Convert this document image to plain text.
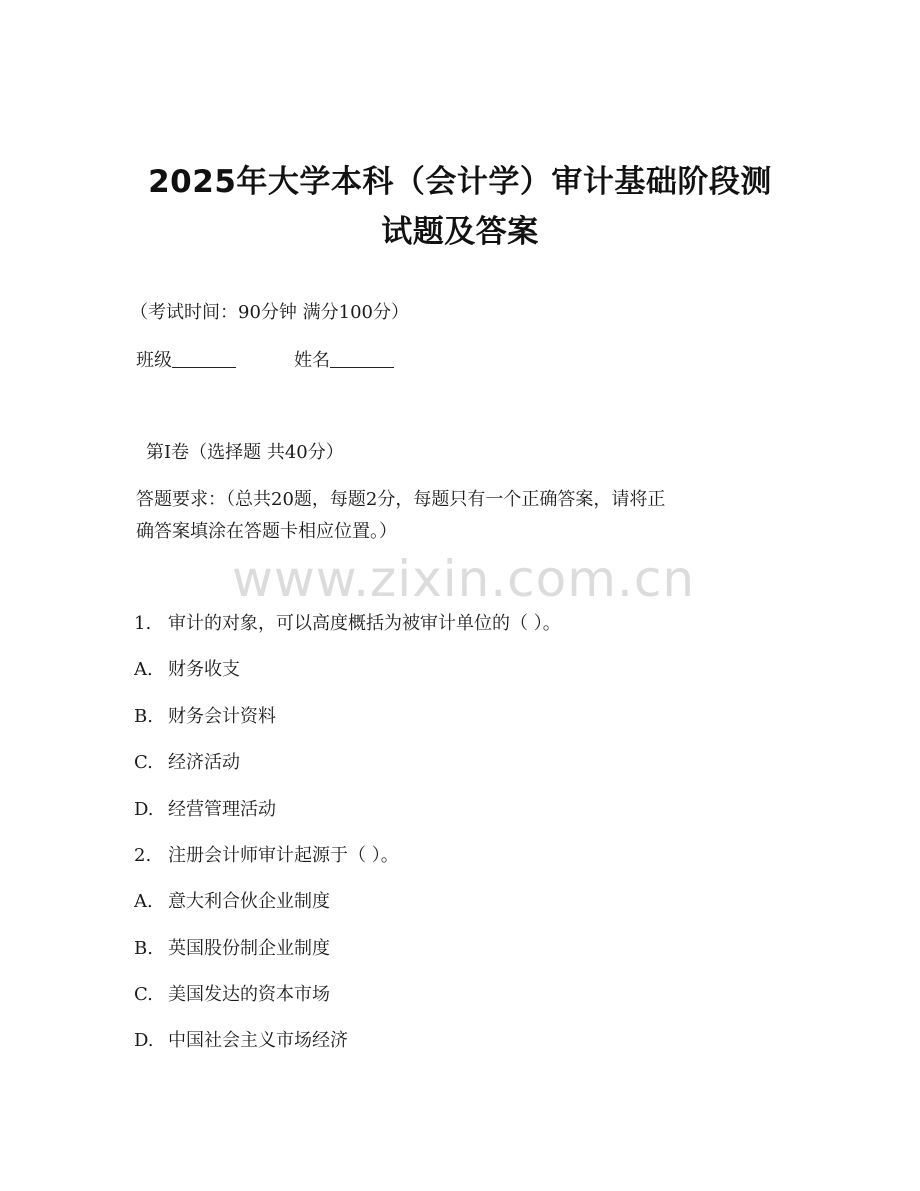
2025年大学本科（会计学）审计基础阶段测
试题及答案
（考试时间：90分钟 满分100分）
班级	姓名
第Ⅰ卷（选择题 共40分）
答题要求：（总共20题，每题2分，每题只有一个正确答案，请将正
确答案填涂在答题卡相应位置。）
www.zixin.com.cn
1. 审计的对象，可以高度概括为被审计单位的（ ）。
A. 财务收支
B. 财务会计资料
C. 经济活动
D. 经营管理活动
2. 注册会计师审计起源于（ ）。
A. 意大利合伙企业制度
B. 英国股份制企业制度
C. 美国发达的资本市场
D. 中国社会主义市场经济
